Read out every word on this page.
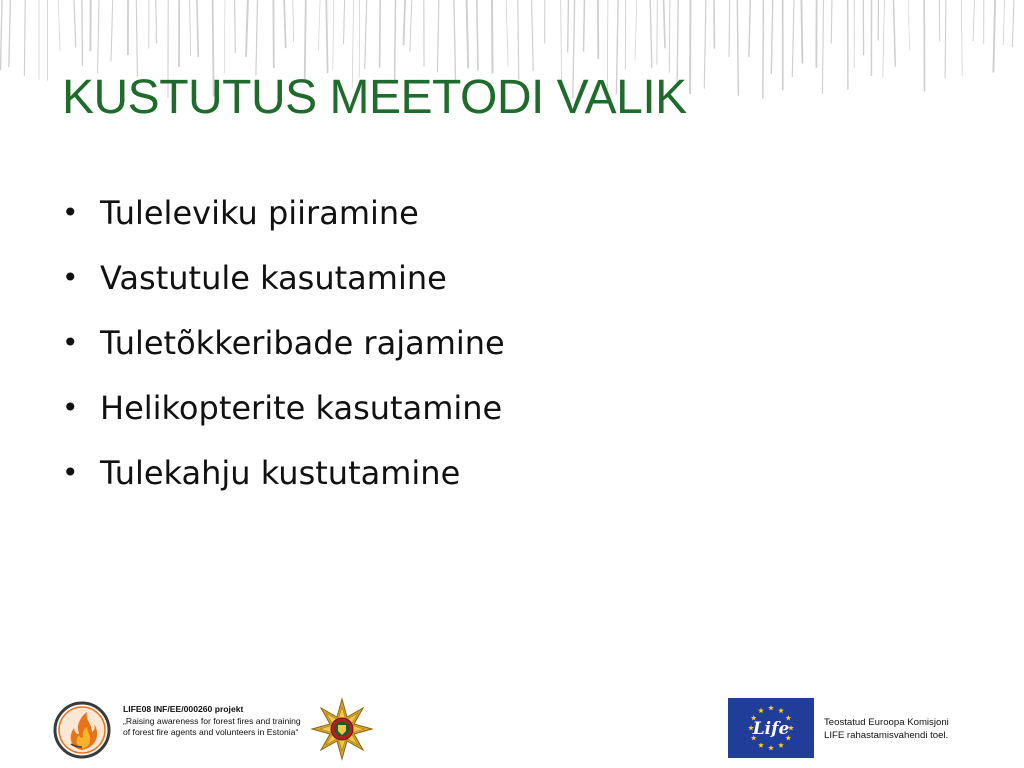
KUSTUTUS MEETODI VALIK
• Tuleleviku piiramine
• Vastutule kasutamine
• Tuletõkkeribade rajamine
• Helikopterite kasutamine
• Tulekahju kustutamine
LIFE08 INF/EE/000260 projekt
„Raising awareness for forest fires and training of forest fire agents and volunteers in Estonia“	Life	Teostatud Euroopa Komisjoni
LIFE rahastamisvahendi toel.
